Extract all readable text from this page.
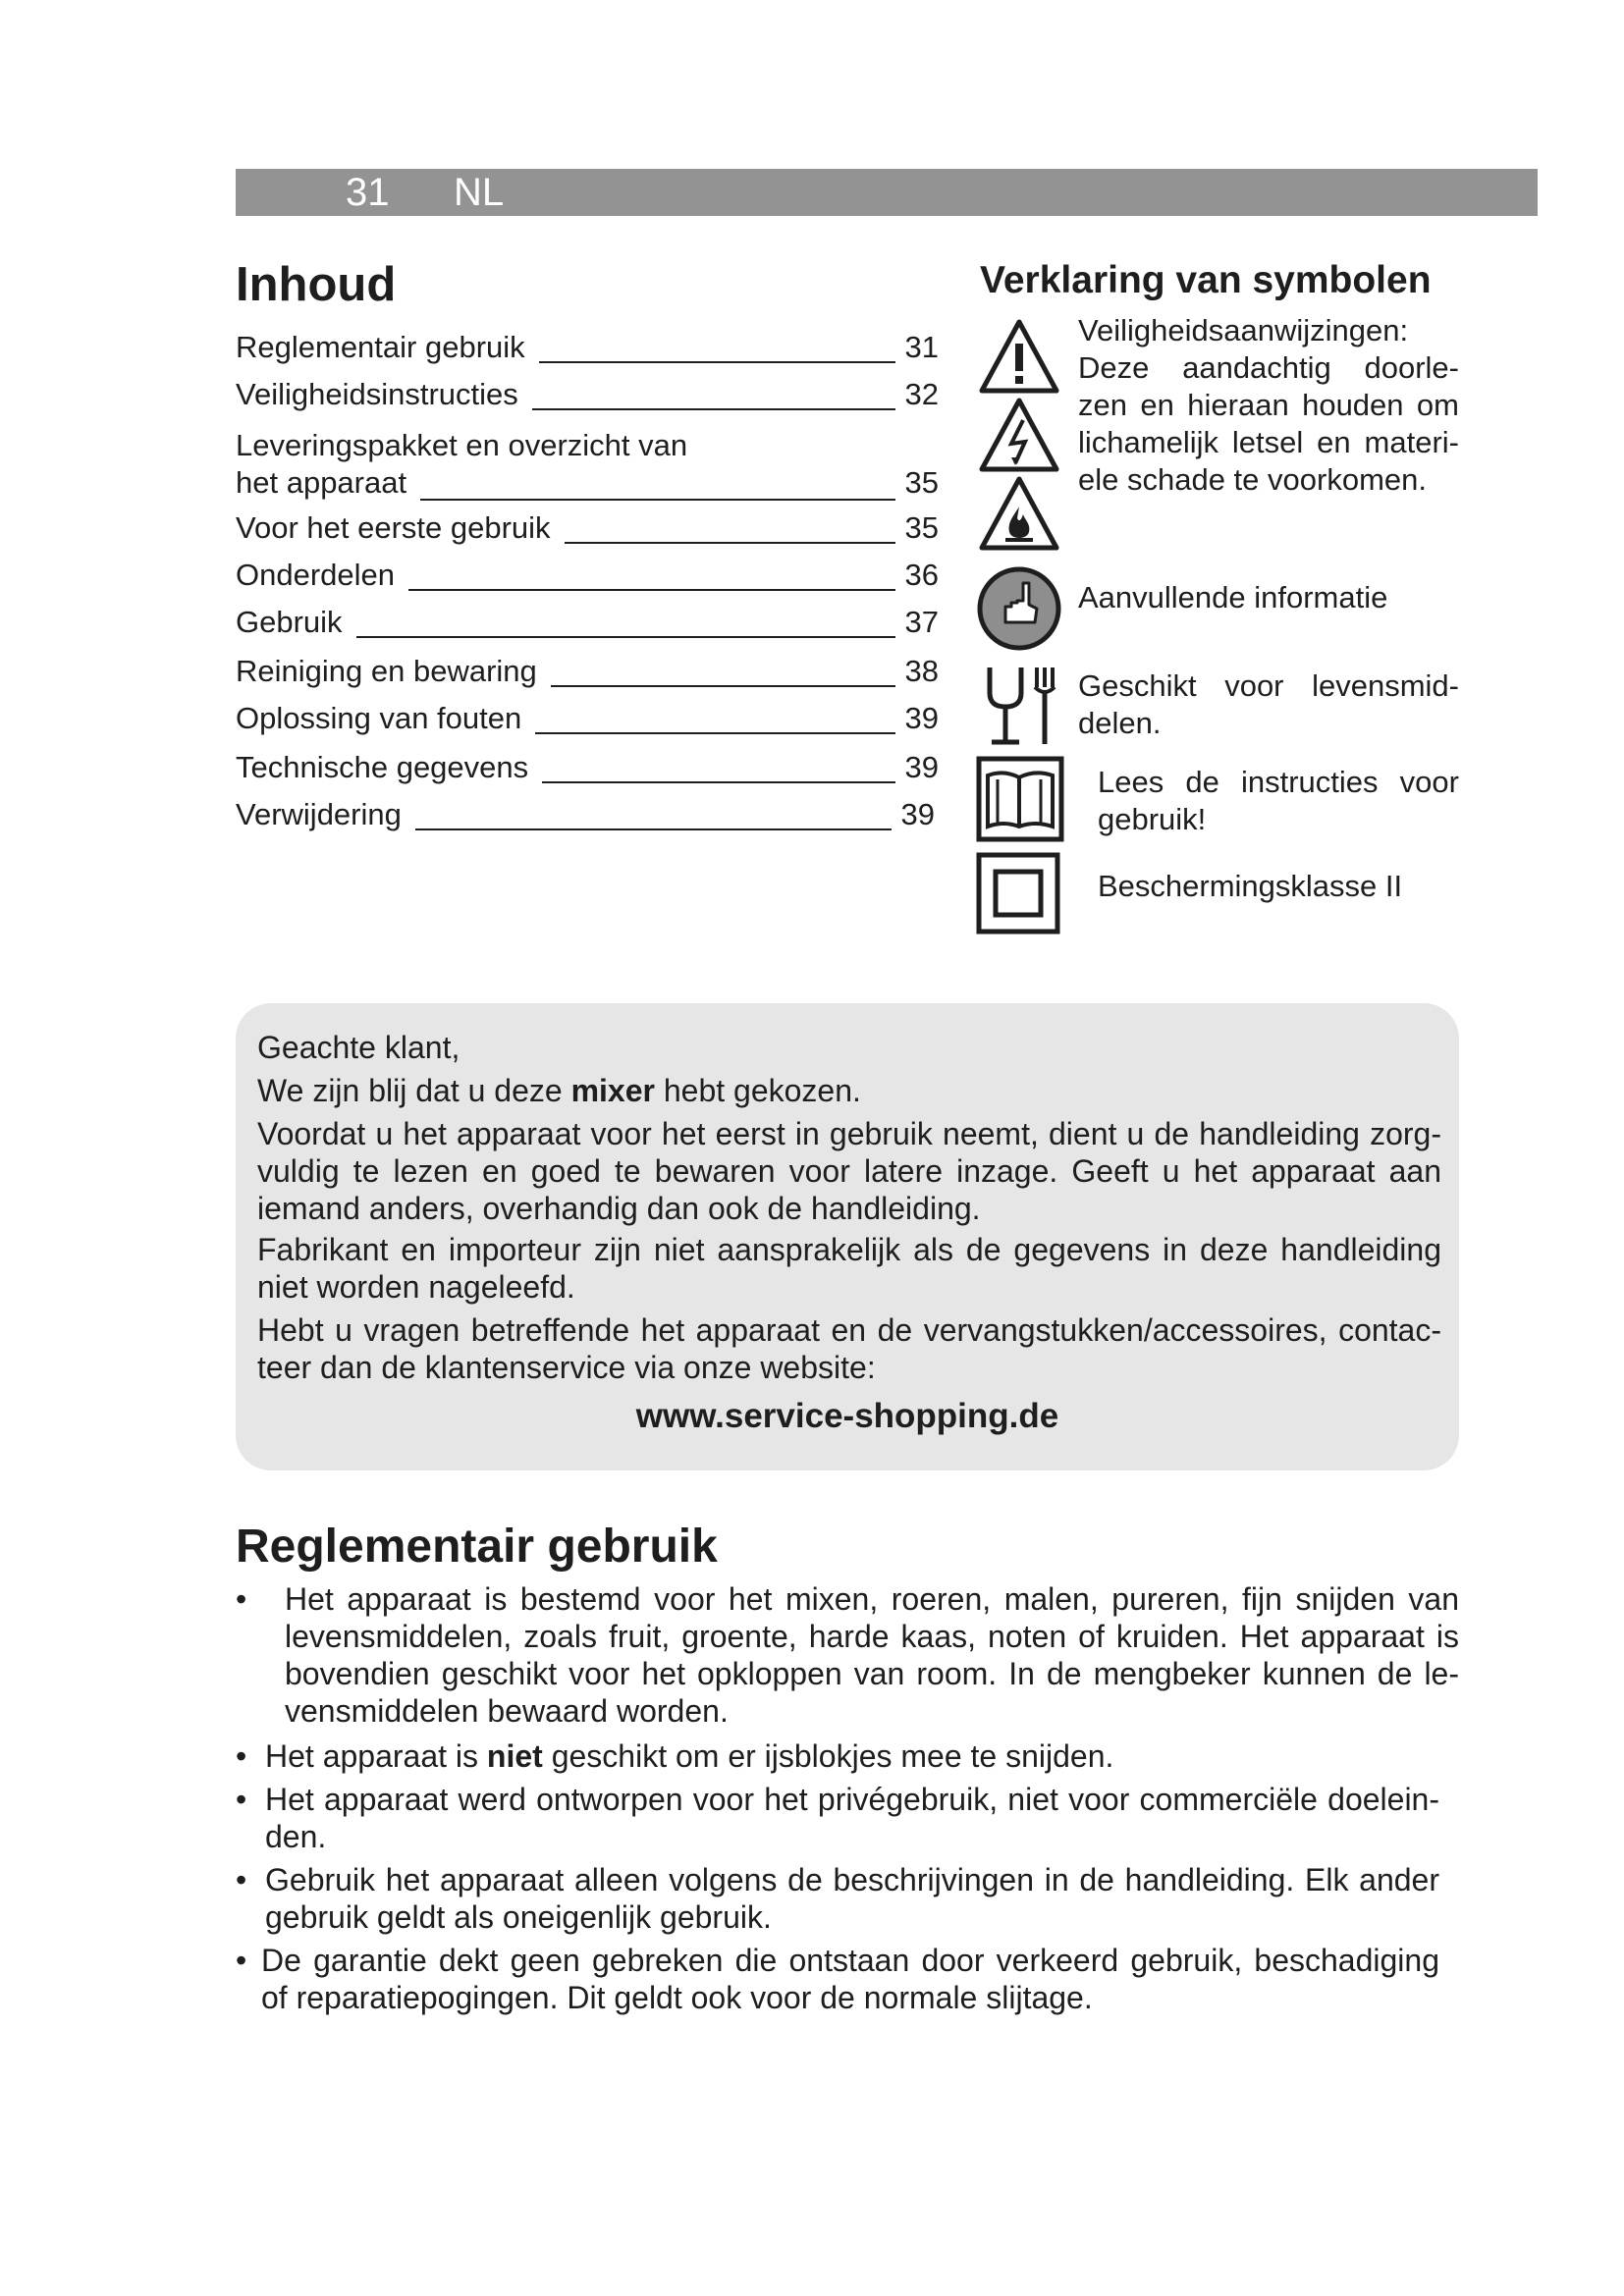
31 NL
Inhoud
Reglementair gebruik	31
Veiligheidsinstructies	32
Leveringspakket en overzicht van
het apparaat	35
Voor het eerste gebruik	35
Onderdelen	36
Gebruik	37
Reiniging en bewaring	38
Oplossing van fouten	39
Technische gegevens	39
Verwijdering	39
Verklaring van symbolen
Veiligheidsaanwijzingen: Deze aandachtig doorle- zen en hieraan houden om lichamelijk letsel en materi- ele schade te voorkomen.
Aanvullende informatie
Geschikt voor levensmid- delen.
Lees de instructies voor gebruik!
Beschermingsklasse II

Geachte klant,

We zijn blij dat u deze mixer hebt gekozen.

Voordat u het apparaat voor het eerst in gebruik neemt, dient u de handleiding zorg- vuldig te lezen en goed te bewaren voor latere inzage. Geeft u het apparaat aan iemand anders, overhandig dan ook de handleiding.

Fabrikant en importeur zijn niet aansprakelijk als de gegevens in deze handleiding niet worden nageleefd.

Hebt u vragen betreffende het apparaat en de vervangstukken/accessoires, contac- teer dan de klantenservice via onze website:

www.service-shopping.de
Reglementair gebruik
• Het apparaat is bestemd voor het mixen, roeren, malen, pureren, fijn snijden van levensmiddelen, zoals fruit, groente, harde kaas, noten of kruiden. Het apparaat is bovendien geschikt voor het opkloppen van room. In de mengbeker kunnen de le- vensmiddelen bewaard worden.
• Het apparaat is niet geschikt om er ijsblokjes mee te snijden.
• Het apparaat werd ontworpen voor het privégebruik, niet voor commerciële doelein- den.
• Gebruik het apparaat alleen volgens de beschrijvingen in de handleiding. Elk ander gebruik geldt als oneigenlijk gebruik.
• De garantie dekt geen gebreken die ontstaan door verkeerd gebruik, beschadiging of reparatiepogingen. Dit geldt ook voor de normale slijtage.
